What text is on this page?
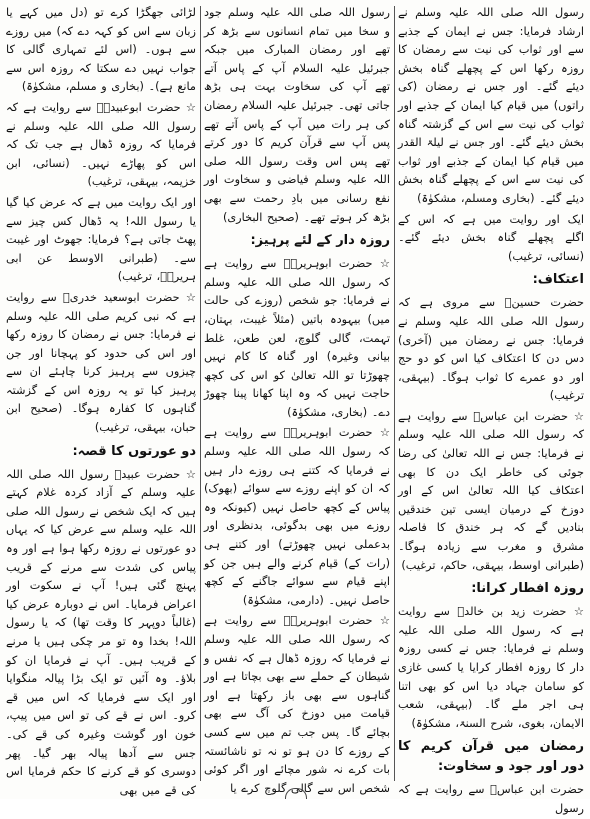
رسول اللہ صلی اللہ علیہ وسلم نے ارشاد فرمایا: جس نے ایمان کے جذبے سے اور ثواب کی نیت سے رمضان کا روزہ رکھا اس کے پچھلے گناہ بخش دیئے گئے۔ اور جس نے رمضان (کی راتوں) میں قیام کیا ایمان کے جذبے اور ثواب کی نیت سے اس کے گزشتہ گناہ بخش دیئے گئے۔ اور جس نے لیلۃ القدر میں قیام کیا ایمان کے جذبے اور ثواب کی نیت سے اس کے پچھلے گناہ بخش دیئے گئے۔ (بخاری ومسلم، مشکوٰۃ)

ایک اور روایت میں ہے کہ اس کے اگلے پچھلے گناہ بخش دیئے گئے۔ (نسائی، ترغیب)

اعتکاف:

حضرت حسینؓ سے مروی ہے کہ رسول اللہ صلی اللہ علیہ وسلم نے فرمایا: جس نے رمضان میں (آخری) دس دن کا اعتکاف کیا اس کو دو حج اور دو عمرے کا ثواب ہوگا۔ (بیہقی، ترغیب)

☆ حضرت ابن عباسؓ سے روایت ہے کہ رسول اللہ صلی اللہ علیہ وسلم نے فرمایا: جس نے اللہ تعالیٰ کی رضا جوئی کی خاطر ایک دن کا بھی اعتکاف کیا اللہ تعالیٰ اس کے اور دوزخ کے درمیان ایسی تین خندقیں بنادیں گے کہ ہر خندق کا فاصلہ مشرق و مغرب سے زیادہ ہوگا۔ (طبرانی اوسط، بیہقی، حاکم، ترغیب)

روزہ افطار کرانا:

☆ حضرت زید بن خالدؓ سے روایت ہے کہ رسول اللہ صلی اللہ علیہ وسلم نے فرمایا: جس نے کسی روزہ دار کا روزہ افطار کرایا یا کسی غازی کو سامان جہاد دیا اس کو بھی اتنا ہی اجر ملے گا۔ (بیہقی، شعب الایمان، بغوی، شرح السنۃ، مشکوٰۃ)

رمضان میں قرآن کریم کا دور اور جود و سخاوت:

حضرت ابن عباسؓ سے روایت ہے کہ رسول

رسول اللہ صلی اللہ علیہ وسلم جود و سخا میں تمام انسانوں سے بڑھ کر تھے اور رمضان المبارک میں جبکہ جبرئیل علیہ السلام آپ کے پاس آتے تھے آپ کی سخاوت بہت ہی بڑھ جاتی تھی۔ جبرئیل علیہ السلام رمضان کی ہر رات میں آپ کے پاس آتے تھے پس آپ سے قرآن کریم کا دور کرتے تھے پس اس وقت رسول اللہ صلی اللہ علیہ وسلم فیاضی و سخاوت اور نفع رسانی میں بادِ رحمت سے بھی بڑھ کر ہوتے تھے۔ (صحیح البخاری)

روزہ دار کے لئے پرہیز:

☆ حضرت ابوہریرہؓ سے روایت ہے کہ رسول اللہ صلی اللہ علیہ وسلم نے فرمایا: جو شخص (روزے کی حالت میں) بیہودہ باتیں (مثلاً غیبت، بہتان، تہمت، گالی گلوچ، لعن طعن، غلط بیانی وغیرہ) اور گناہ کا کام نہیں چھوڑتا تو اللہ تعالیٰ کو اس کی کچھ حاجت نہیں کہ وہ اپنا کھانا پینا چھوڑ دے۔ (بخاری، مشکوٰۃ)

☆ حضرت ابوہریرہؓ سے روایت ہے کہ رسول اللہ صلی اللہ علیہ وسلم نے فرمایا کہ کتنے ہی روزے دار ہیں کہ ان کو اپنے روزے سے سوائے (بھوک) پیاس کے کچھ حاصل نہیں (کیونکہ وہ روزے میں بھی بدگوئی، بدنظری اور بدعملی نہیں چھوڑتے) اور کتنے ہی (رات کے) قیام کرنے والے ہیں جن کو اپنے قیام سے سوائے جاگنے کے کچھ حاصل نہیں۔ (دارمی، مشکوٰۃ)

☆ حضرت ابوہریرہؓ سے روایت ہے کہ رسول اللہ صلی اللہ علیہ وسلم نے فرمایا کہ روزہ ڈھال ہے کہ نفس و شیطان کے حملے سے بھی بچاتا ہے اور گناہوں سے بھی باز رکھتا ہے اور قیامت میں دوزخ کی آگ سے بھی بچائے گا۔ پس جب تم میں سے کسی کے روزے کا دن ہو تو نہ تو ناشائستہ بات کرے نہ شور مچائے اور اگر کوئی شخص اس سے گالی گلوچ کرے یا

لڑائی جھگڑا کرے تو (دل میں کہے یا زبان سے اس کو کہہ دے کہ) میں روزے سے ہوں۔ (اس لئے تمہاری گالی کا جواب نہیں دے سکتا کہ روزہ اس سے مانع ہے)۔ (بخاری و مسلم، مشکوٰۃ)

☆ حضرت ابوعبیدہؓ سے روایت ہے کہ رسول اللہ صلی اللہ علیہ وسلم نے فرمایا کہ روزہ ڈھال ہے جب تک کہ اس کو پھاڑے نہیں۔ (نسائی، ابن خزیمہ، بیہقی، ترغیب)

اور ایک روایت میں ہے کہ عرض کیا گیا یا رسول اللہ! یہ ڈھال کس چیز سے پھٹ جاتی ہے؟ فرمایا: جھوٹ اور غیبت سے۔ (طبرانی الاوسط عن ابی ہریرہؓ، ترغیب)

☆ حضرت ابوسعید خدریؓ سے روایت ہے کہ نبی کریم صلی اللہ علیہ وسلم نے فرمایا: جس نے رمضان کا روزہ رکھا اور اس کی حدود کو پہچانا اور جن چیزوں سے پرہیز کرنا چاہئے ان سے پرہیز کیا تو یہ روزہ اس کے گزشتہ گناہوں کا کفارہ ہوگا۔ (صحیح ابن حبان، بیہقی، ترغیب)

دو عورتوں کا قصہ:

☆ حضرت عبیدؓ رسول اللہ صلی اللہ علیہ وسلم کے آزاد کردہ غلام کہتے ہیں کہ ایک شخص نے رسول اللہ صلی اللہ علیہ وسلم سے عرض کیا کہ یہاں دو عورتوں نے روزہ رکھا ہوا ہے اور وہ پیاس کی شدت سے مرنے کے قریب پہنچ گئی ہیں! آپ نے سکوت اور اعراض فرمایا۔ اس نے دوبارہ عرض کیا (غالباً دوپہر کا وقت تھا) کہ یا رسول اللہ! بخدا وہ تو مر چکی ہیں یا مرنے کے قریب ہیں۔ آپ نے فرمایا ان کو بلاؤ۔ وہ آئیں تو ایک بڑا پیالہ منگوایا اور ایک سے فرمایا کہ اس میں قے کرو۔ اس نے قے کی تو اس میں پیپ، خون اور گوشت وغیرہ کی قے کی۔ جس سے آدھا پیالہ بھر گیا۔ پھر دوسری کو قے کرنے کا حکم فرمایا اس کی قے میں بھی
